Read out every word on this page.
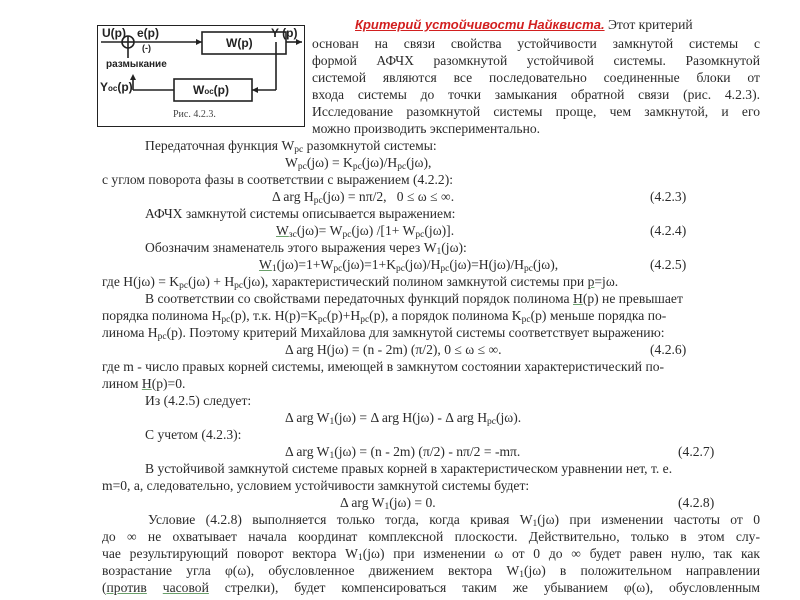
U(p) e(p)
(-)	W(p)
Y (p)
размыкание
Yoc(p)	Woc(p)
Рис. 4.2.3.
Критерий устойчивости Найквиста. Этот критерий
основан на связи свойства устойчивости замкнутой системы с
формой АФЧХ разомкнутой устойчивой системы. Разомкнутой
системой являются все последовательно соединенные блоки от
входа системы до точки замыкания обратной связи (рис. 4.2.3).
Исследование разомкнутой системы проще, чем замкнутой, и его
можно производить экспериментально.
Передаточная функция $W_{pc}$ разомкнутой системы:
$W_{pc}(j\omega) = K_{pc}(j\omega)/H_{pc}(j\omega)$,
с углом поворота фазы в соответствии с выражением (4.2.2):
Δ arg $H_{pc}(j\omega) = n\pi/2$,   0 ≤ ω ≤ ∞.	(4.2.3)
АФЧХ замкнутой системы описывается выражением:
$W_{зс}(j\omega)= W_{pc}(j\omega)$ $/[1+ W_{pc}(j\omega)]$.	(4.2.4)
Обозначим знаменатель этого выражения через $W_1(j\omega)$:
$W_1(j\omega)=1+W_{pc}(j\omega)=1+K_{pc}(j\omega)/H_{pc}(j\omega)=H(j\omega)/H_{pc}(j\omega)$,	(4.2.5)
где $H(j\omega) = K_{pc}(j\omega) + H_{pc}(j\omega)$, характеристический полином замкнутой системы при p=jω.
В соответствии со свойствами передаточных функций порядок полинома H(p) не превышает
порядка полинома $H_{pc}(p)$, т.к. $H(p)=K_{pc}(p)+H_{pc}(p)$, а порядок полинома $K_{pc}(p)$ меньше порядка по-
линома $H_{pc}(p)$. Поэтому критерий Михайлова для замкнутой системы соответствует выражению:
Δ arg H(jω) = (n - 2m) (π/2), 0 ≤ ω ≤ ∞.	(4.2.6)
где m - число правых корней системы, имеющей в замкнутом состоянии характеристический по-
лином H(p)=0.
Из (4.2.5) следует:
Δ arg $W_1(j\omega) = \Delta$ arg H(jω) - Δ arg $H_{pc}(j\omega)$.
С учетом (4.2.3):
Δ arg $W_1(j\omega) = (n - 2m)$ (π/2) - nπ/2 = -mπ.	(4.2.7)
В устойчивой замкнутой системе правых корней в характеристическом уравнении нет, т. е.
m=0, а, следовательно, условием устойчивости замкнутой системы будет:
Δ arg $W_1(j\omega) = 0$.	(4.2.8)
Условие (4.2.8) выполняется только тогда, когда кривая $W_1(j\omega)$ при изменении частоты от 0
до ∞ не охватывает начала координат комплексной плоскости. Действительно, только в этом слу-
чае результирующий поворот вектора $W_1(j\omega)$ при изменении ω от 0 до ∞ будет равен нулю, так как
возрастание угла φ(ω), обусловленное движением вектора $W_1(j\omega)$ в положительном направлении
(против часовой стрелки), будет компенсироваться таким же убыванием φ(ω), обусловленным
